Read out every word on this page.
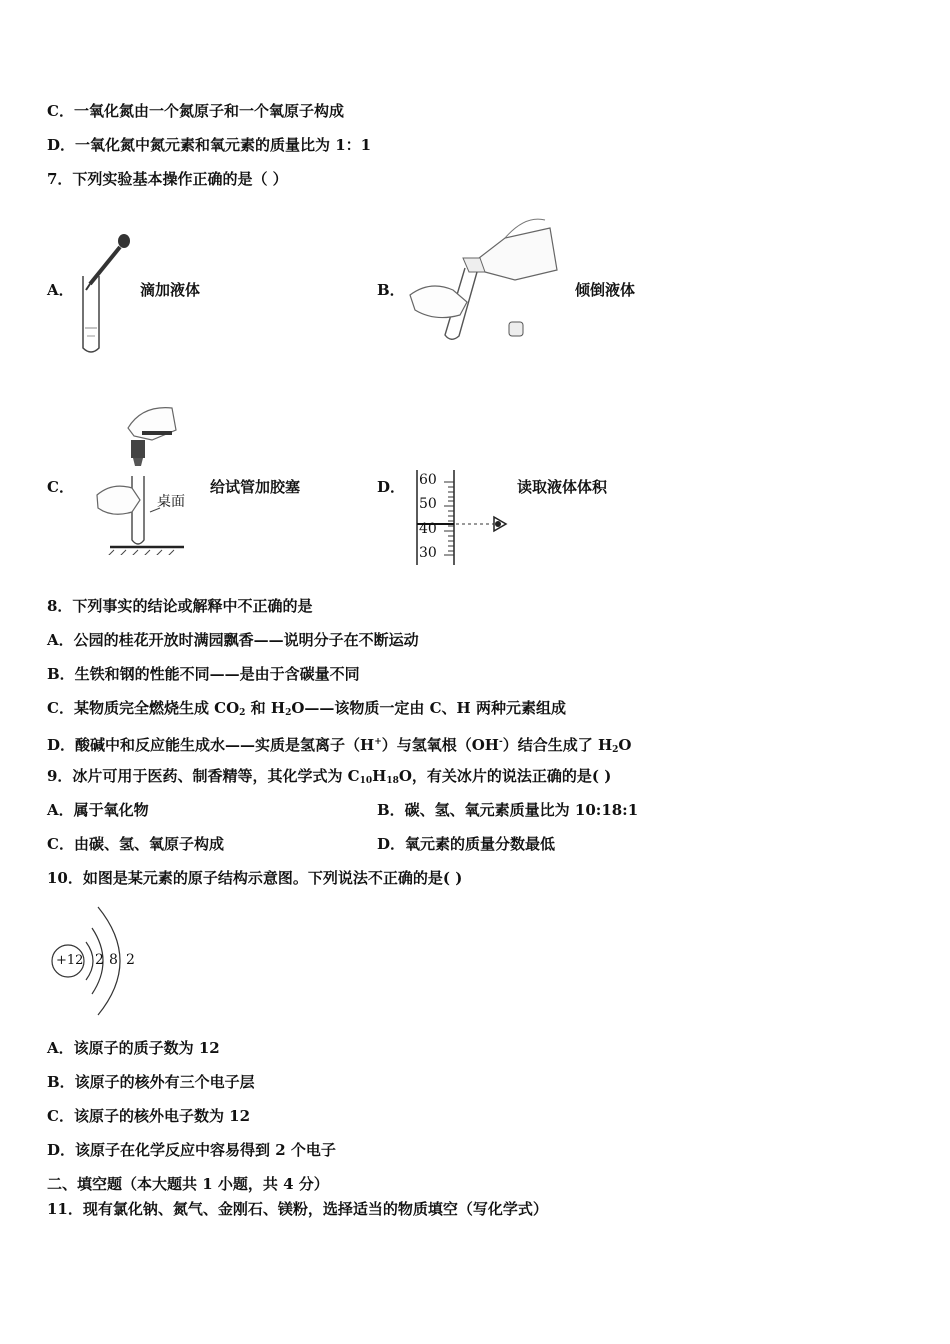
C．一氧化氮由一个氮原子和一个氧原子构成
D．一氧化氮中氮元素和氧元素的质量比为 1：1
7．下列实验基本操作正确的是（ ）
A．	滴加液体	B．	倾倒液体
C．
桌面
给试管加胶塞	D． 60
50
40
30
读取液体体积
8．下列事实的结论或解释中不正确的是
A．公园的桂花开放时满园飘香——说明分子在不断运动
B．生铁和钢的性能不同——是由于含碳量不同
C．某物质完全燃烧生成 $CO_2$ 和 $H_2O——$该物质一定由 C、H 两种元素组成
D．酸碱中和反应能生成水——实质是氢离子（H+）与氢氧根（OH-）结合生成了 $H_2O$
9．冰片可用于医药、制香精等，其化学式为 $C_{10}H_{18}O$，有关冰片的说法正确的是( )
A．属于氧化物	B．碳、氢、氧元素质量比为 10:18:1
C．由碳、氢、氧原子构成	D．氧元素的质量分数最低
10．如图是某元素的原子结构示意图。下列说法不正确的是( )
+12 2 8 2
A．该原子的质子数为 12
B．该原子的核外有三个电子层
C．该原子的核外电子数为 12
D．该原子在化学反应中容易得到 2 个电子
二、填空题（本大题共 1 小题，共 4 分）
11．现有氯化钠、氮气、金刚石、镁粉，选择适当的物质填空（写化学式）
